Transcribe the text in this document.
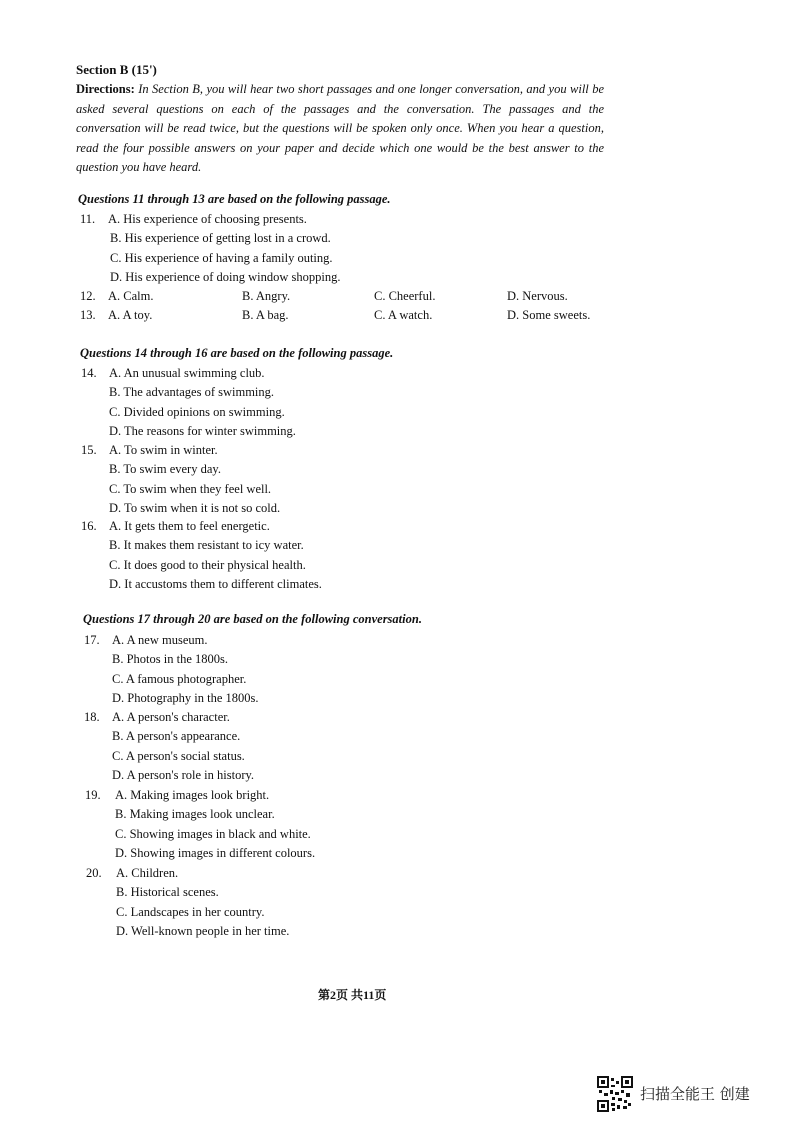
Section B (15')
Directions: In Section B, you will hear two short passages and one longer conversation, and you will be asked several questions on each of the passages and the conversation. The passages and the conversation will be read twice, but the questions will be spoken only once. When you hear a question, read the four possible answers on your paper and decide which one would be the best answer to the question you have heard.
Questions 11 through 13 are based on the following passage.
11. A. His experience of choosing presents.
B. His experience of getting lost in a crowd.
C. His experience of having a family outing.
D. His experience of doing window shopping.
12. A. Calm.	B. Angry.	C. Cheerful.	D. Nervous.
13. A. A toy.	B. A bag.	C. A watch.	D. Some sweets.
Questions 14 through 16 are based on the following passage.
14. A. An unusual swimming club.
B. The advantages of swimming.
C. Divided opinions on swimming.
D. The reasons for winter swimming.
15. A. To swim in winter.
B. To swim every day.
C. To swim when they feel well.
D. To swim when it is not so cold.
16. A. It gets them to feel energetic.
B. It makes them resistant to icy water.
C. It does good to their physical health.
D. It accustoms them to different climates.
Questions 17 through 20 are based on the following conversation.
17. A. A new museum.
B. Photos in the 1800s.
C. A famous photographer.
D. Photography in the 1800s.
18. A. A person's character.
B. A person's appearance.
C. A person's social status.
D. A person's role in history.
19. A. Making images look bright.
B. Making images look unclear.
C. Showing images in black and white.
D. Showing images in different colours.
20. A. Children.
B. Historical scenes.
C. Landscapes in her country.
D. Well-known people in her time.
第2页 共11页
扫描全能王 创建
